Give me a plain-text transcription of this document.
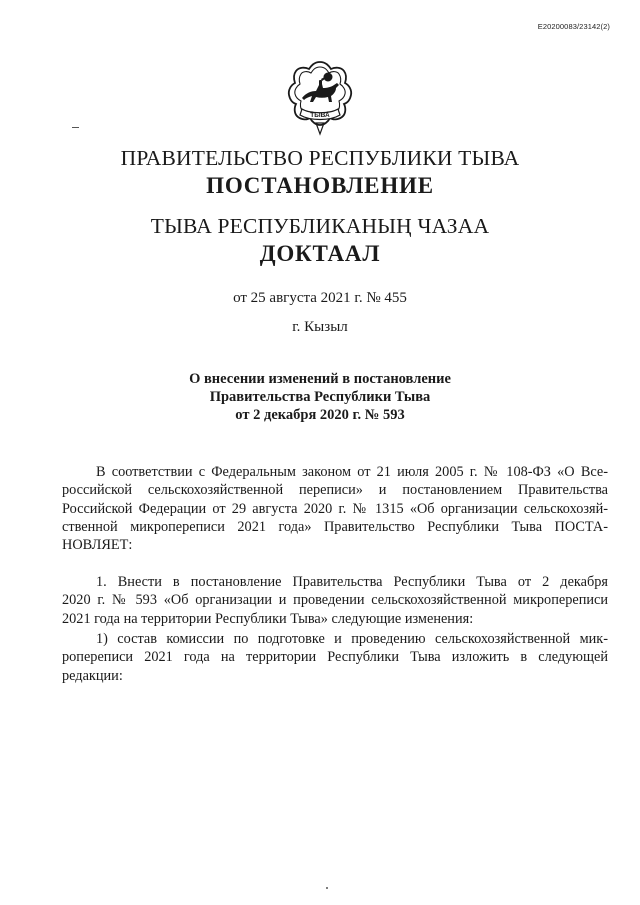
E20200083/23142(2)
ТЫВА
ПРАВИТЕЛЬСТВО РЕСПУБЛИКИ ТЫВА
ПОСТАНОВЛЕНИЕ
ТЫВА РЕСПУБЛИКАНЫҢ ЧАЗАА
ДОКТААЛ
от 25 августа 2021 г. № 455
г. Кызыл
О внесении изменений в постановление
Правительства Республики Тыва
от 2 декабря 2020 г. № 593
В соответствии с Федеральным законом от 21 июля 2005 г. № 108-ФЗ «О Все-
российской сельскохозяйственной переписи» и постановлением Правительства
Российской Федерации от 29 августа 2020 г. № 1315 «Об организации сельскохозяй-
ственной микропереписи 2021 года» Правительство Республики Тыва ПОСТА-
НОВЛЯЕТ:
1. Внести в постановление Правительства Республики Тыва от 2 декабря
2020 г. № 593 «Об организации и проведении сельскохозяйственной микропереписи
2021 года на территории Республики Тыва» следующие изменения:
1) состав комиссии по подготовке и проведению сельскохозяйственной мик-
ропереписи 2021 года на территории Республики Тыва изложить в следующей
редакции:
